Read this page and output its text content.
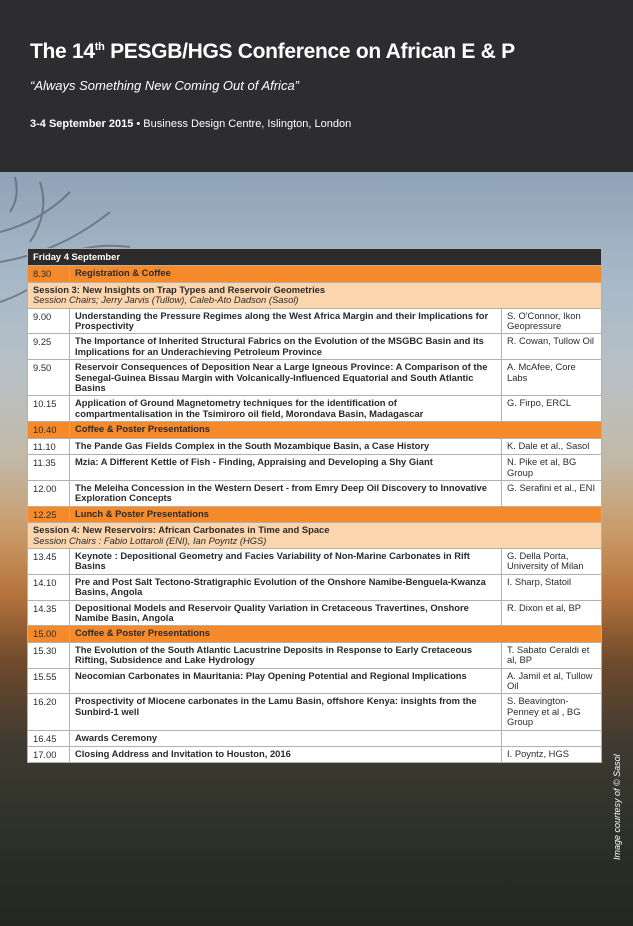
The 14th PESGB/HGS Conference on African E & P
“Always Something New Coming Out of Africa”
3-4 September 2015 • Business Design Centre, Islington, London
Image courtesy of © Sasol
Friday 4 September		
8.30	Registration & Coffee	

Session 3: New Insights on Trap Types and Reservoir Geometries
Session Chairs; Jerry Jarvis (Tullow), Caleb-Ato Dadson (Sasol)		

9.00	Understanding the Pressure Regimes along the West Africa Margin and their Implications for Prospectivity	S. O'Connor, Ikon Geopressure
9.25	The Importance of Inherited Structural Fabrics on the Evolution of the MSGBC Basin and its Implications for an Underachieving Petroleum Province	R. Cowan, Tullow Oil
9.50	Reservoir Consequences of Deposition Near a Large Igneous Province: A Comparison of the Senegal-Guinea Bissau Margin with Volcanically-Influenced Equatorial and South Atlantic Basins	A. McAfee, Core Labs
10.15	Application of Ground Magnetometry techniques for the identification of compartmentalisation in the Tsimiroro oil field, Morondava Basin, Madagascar	G. Firpo, ERCL
10.40	Coffee & Poster Presentations	
11.10	The Pande Gas Fields Complex in the South Mozambique Basin, a Case History	K. Dale et al., Sasol
11.35	Mzia: A Different Kettle of Fish - Finding, Appraising and Developing a Shy Giant	N. Pike et al, BG Group
12.00	The Meleiha Concession in the Western Desert - from Emry Deep Oil Discovery to Innovative Exploration Concepts	G. Serafini et al., ENI
12.25	Lunch & Poster Presentations	

Session 4: New Reservoirs: African Carbonates in Time and Space
Session Chairs : Fabio Lottaroli (ENI), Ian Poyntz (HGS)		

13.45	Keynote : Depositional Geometry and Facies Variability of Non-Marine Carbonates in Rift Basins	G. Della Porta, University of Milan
14.10	Pre and Post Salt Tectono-Stratigraphic Evolution of the Onshore Namibe-Benguela-Kwanza Basins, Angola	I. Sharp, Statoil
14.35	Depositional Models and Reservoir Quality Variation in Cretaceous Travertines, Onshore Namibe Basin, Angola	R. Dixon et al, BP
15.00	Coffee & Poster Presentations	
15.30	The Evolution of the South Atlantic Lacustrine Deposits in Response to Early Cretaceous Rifting, Subsidence and Lake Hydrology	T. Sabato Ceraldi et al, BP
15.55	Neocomian Carbonates in Mauritania: Play Opening Potential and Regional Implications	A. Jamil et al, Tullow Oil
16.20	Prospectivity of Miocene carbonates in the Lamu Basin, offshore Kenya: insights from the Sunbird-1 well	S. Beavington-Penney et al , BG Group
16.45	Awards Ceremony	
17.00	Closing Address and Invitation to Houston, 2016	I. Poyntz, HGS
